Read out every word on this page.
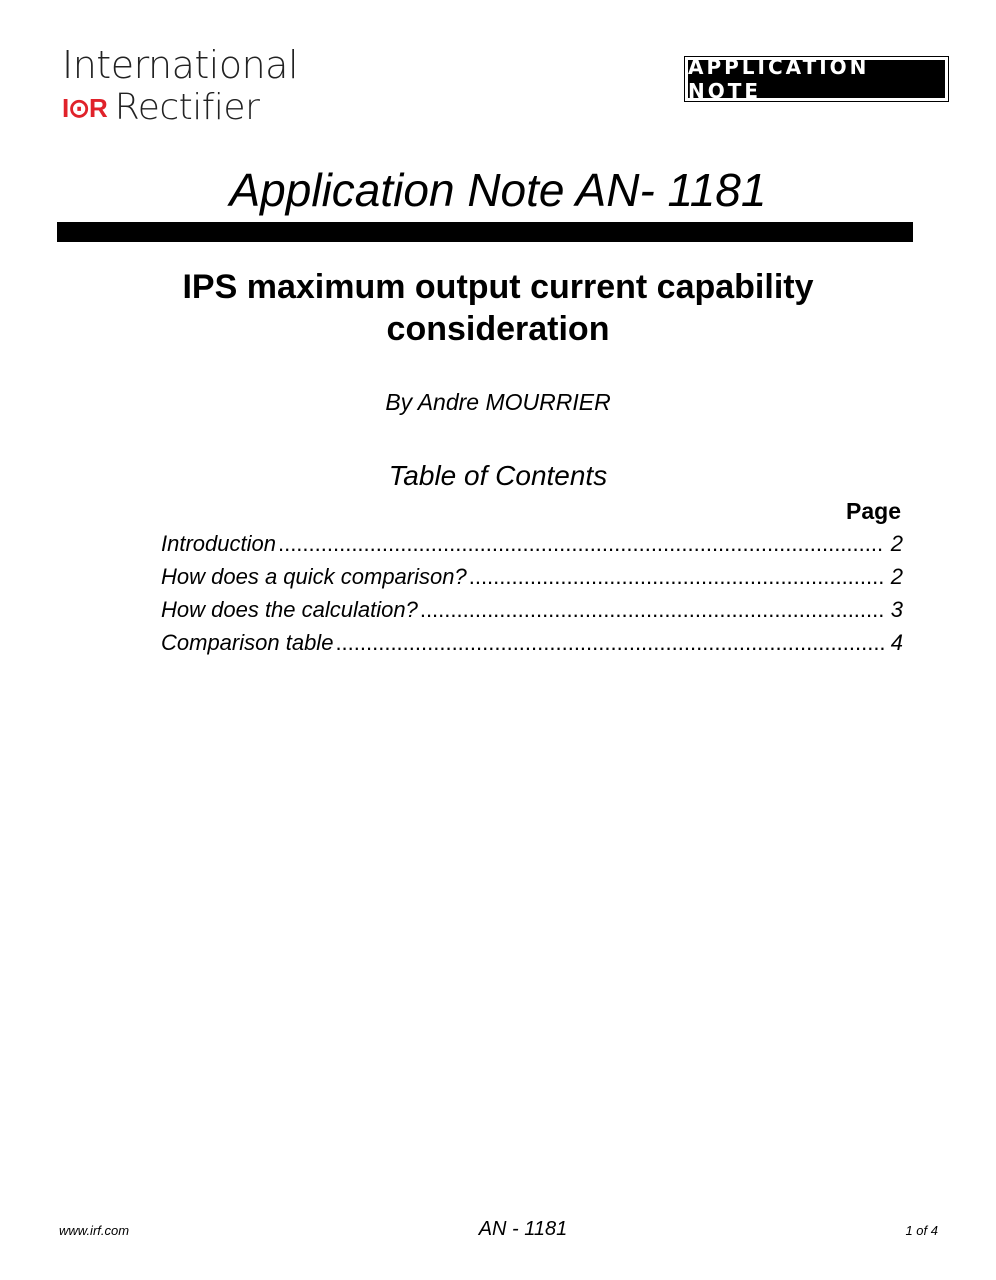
International
I⊙R Rectifier
APPLICATION NOTE
Application Note AN- 1181
IPS maximum output current capability
consideration
By Andre MOURRIER
Table of Contents
Page
Introduction .....	2
How does a quick comparison? .....	2
How does the calculation? .....	3
Comparison table .....	4
www.irf.com	AN - 1181	1 of 4
